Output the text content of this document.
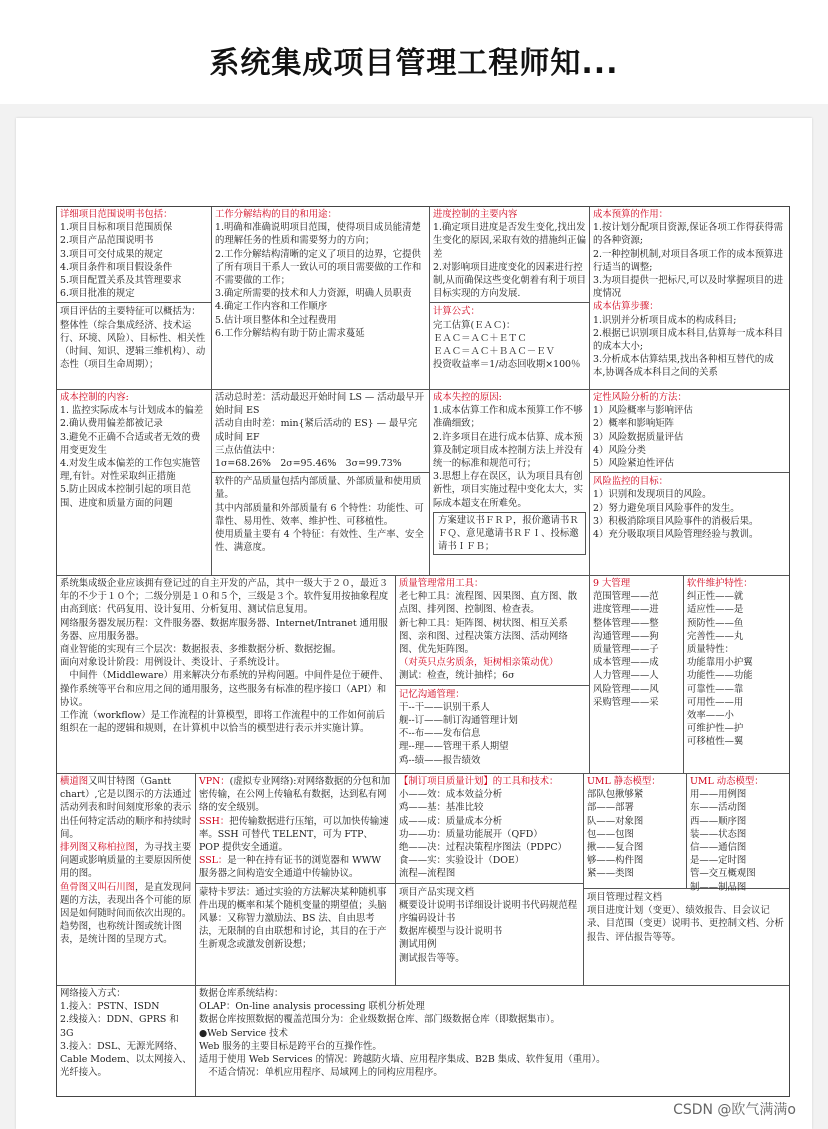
系统集成项目管理工程师知...
详细项目范围说明书包括：
1.项目目标和项目范围质保
2.项目产品范围说明书
3.项目可交付成果的规定
4.项目条件和项目假设条件
5.项目配置关系及其管理要求
6.项目批准的规定
项目评估的主要特征可以概括为：整体性（综合集成经济、技术运行、环境、风险）、目标性、相关性（时间、知识、逻辑三维机构）、动态性（项目生命周期）；
工作分解结构的目的和用途：
1.明确和准确说明项目范围，使得项目成员能清楚的理解任务的性质和需要努力的方向；
2.工作分解结构清晰的定义了项目的边界，它提供了所有项目干系人一致认可的项目需要做的工作和不需要做的工作；
3.确定所需要的技术和人力资源，明确人员职责
4.确定工作内容和工作顺序
5.估计项目整体和全过程费用
6.工作分解结构有助于防止需求蔓延
进度控制的主要内容
1.确定项目进度是否发生变化,找出发生变化的原因,采取有效的措施纠正偏差
2.对影响项目进度变化的因素进行控制,从而确保这些变化朝着有利于项目目标实现的方向发展.
计算公式：
完工估算(ＥＡＣ)：
ＥＡＣ＝ＡＣ＋ＥＴＣ
ＥＡＣ＝ＡＣ＋ＢＡＣ－ＥＶ
投资收益率＝1/动态回收期×100％
成本预算的作用：
1.按计划分配项目资源,保证各项工作得获得需的各种资源;
2.一种控制机制,对项目各项工作的成本预算进行适当的调整;
3.为项目提供一把标尺,可以及时掌握项目的进度情况
成本估算步骤：
1.识别并分析项目成本的构成科目;
2.根据已识别项目成本科目,估算每一成本科目的成本大小;
3.分析成本估算结果,找出各种相互替代的成本,协调各成本科目之间的关系
成本控制的内容:
1. 监控实际成本与计划成本的偏差
2.确认费用偏差都被记录
3.避免不正确不合适或者无效的费用变更发生
4.对发生成本偏差的工作包实施管理,有针。对性采取纠正措施
5.防止因成本控制引起的项目范围、进度和质量方面的问题
活动总时差：活动最迟开始时间 LS — 活动最早开始时间 ES
活动自由时差：min{紧后活动的 ES} — 最早完成时间 EF
三点估值法中：
1σ=68.26%　2σ=95.46%　3σ=99.73%
软件的产品质量包括内部质量、外部质量和使用质量。
其中内部质量和外部质量有 6 个特性：功能性、可靠性、易用性、效率、维护性、可移植性。
使用质量主要有 4 个特征：有效性、生产率、安全性、满意度。
成本失控的原因:
1.成本估算工作和成本预算工作不够准确细致；
2.许多项目在进行成本估算、成本预算及制定项目成本控制方法上并没有统一的标准和规范可行；
3.思想上存在误区，认为项目具有创新性，项目实施过程中变化太大，实际成本超支在所难免。
方案建议书ＦＲＰ，报价邀请书ＲＦＱ、意见邀请书ＲＦＩ、投标邀请书ＩＦＢ；
定性风险分析的方法：
1）风险概率与影响评估
2）概率和影响矩阵
3）风险数据质量评估
4）风险分类
5）风险紧迫性评估
风险监控的目标：
1）识别和发现项目的风险。
2）努力避免项目风险事件的发生。
3）积极消除项目风险事件的消极后果。
4）充分吸取项目风险管理经验与教训。
系统集成级企业应该拥有登记过的自主开发的产品，其中一级大于２０，最近３年的不少于１０个；二级分别是１０和５个，三级是３个。软件复用按抽象程度由高到底：代码复用、设计复用、分析复用、测试信息复用。
网络服务器发展历程：文件服务器、数据库服务器、Internet/Intranet 通用服务器、应用服务器。
商业智能的实现有三个层次：数据报表、多维数据分析、数据挖掘。
面向对象设计阶段：用例设计、类设计、子系统设计。
　中间件（Middleware）用来解决分布系统的异构问题。中间件是位于硬件、操作系统等平台和应用之间的通用服务，这些服务有标准的程序接口（API）和协议。
工作流（workflow）是工作流程的计算模型，即将工作流程中的工作如何前后组织在一起的逻辑和规则，在计算机中以恰当的模型进行表示并实施计算。
质量管理常用工具：
老七种工具：流程图、因果图、直方图、散点图、排列图、控制图、检查表。
新七种工具：矩阵图、树状图、相互关系图、亲和图、过程决策方法图、活动网络图、优先矩阵图。
（对英只点劣质条，矩树相亲策动优）
测试：检查，统计抽样；6σ
记忆沟通管理：
干--干——识别干系人
舰--订——制订沟通管理计划
不--布——发布信息
理--理——管理干系人期望
鸡--绩——报告绩效
9 大管理
范围管理——范
进度管理——进
整体管理——整
沟通管理——狗
质量管理——子
成本管理——成
人力管理——人
风险管理——风
采购管理——采
软件维护特性：
纠正性——就
适应性——是
预防性——鱼
完善性——丸
质量特性：
功能靠用小护翼
功能性——功能
可靠性——靠
可用性——用
效率——小
可维护性—护
可移植性—翼
横道图又叫甘特图（Gantt chart）,它是以图示的方法通过活动列表和时间刻度形象的表示出任何特定活动的顺序和持续时间。
排列图又称柏拉图，为寻找主要问题或影响质量的主要原因所使用的图。
鱼骨图又叫石川图，是直发现问题的方法，表现出各个可能的原因是如何随时间而依次出现的。
趋势图，也称统计图或统计图表，是统计图的呈现方式。
VPN：(虚拟专业网络):对网络数据的分包和加密传输，在公网上传输私有数据，达到私有网络的安全级别。
SSH：把传输数据进行压缩，可以加快传输速率。SSH 可替代 TELENT，可为 FTP、POP 提供安全通道。
SSL：是一种在持有证书的浏览器和 WWW 服务器之间构造安全通道中传输协议。
蒙特卡罗法：通过实验的方法解决某种随机事件出现的概率和某个随机变量的期望值；头脑风暴：又称智力激励法、BS 法、自由思考法，无限制的自由联想和讨论，其目的在于产生新观念或激发创新设想；
【制订项目质量计划】的工具和技术：
小——效：成本效益分析
鸡——基：基准比较
成——成：质量成本分析
功——功：质量功能展开（QFD）
绝——决：过程决策程序图法（PDPC）
食——实：实验设计（DOE）
流程—流程图
项目产品实现文档
概要设计说明书详细设计说明书代码规范程序编码设计书
数据库模型与设计说明书
测试用例
测试报告等等。
UML 静态模型：
部队包揪够紧
部——部署
队——对象图
包——包图
揪——复合图
够——构件图
紧——类图
UML 动态模型：
用——用例图
东——活动图
西——顺序图
装——状态图
信——通信图
是——定时图
管—交互概观图
制——制品图
项目管理过程文档
项目进度计划（变更）、绩效报告、目会议记录、目范围（变更）说明书、更控制文档、分析报告、评估报告等等。
网络接入方式：
1.接入：PSTN、ISDN
2.线接入：DDN、GPRS 和 3G
3.接入：DSL、无源光网络、Cable Modem、以太网接入、光纤接入。
数据仓库系统结构：
OLAP：On-line analysis processing 联机分析处理
数据仓库按照数据的覆盖范围分为：企业级数据仓库、部门级数据仓库（即数据集市）。
●Web Service 技术
Web 服务的主要目标是跨平台的互操作性。
适用于使用 Web Services 的情况：跨越防火墙、应用程序集成、B2B 集成、软件复用（重用）。
　不适合情况：单机应用程序、局域网上的同构应用程序。
CSDN @欧气满满o
